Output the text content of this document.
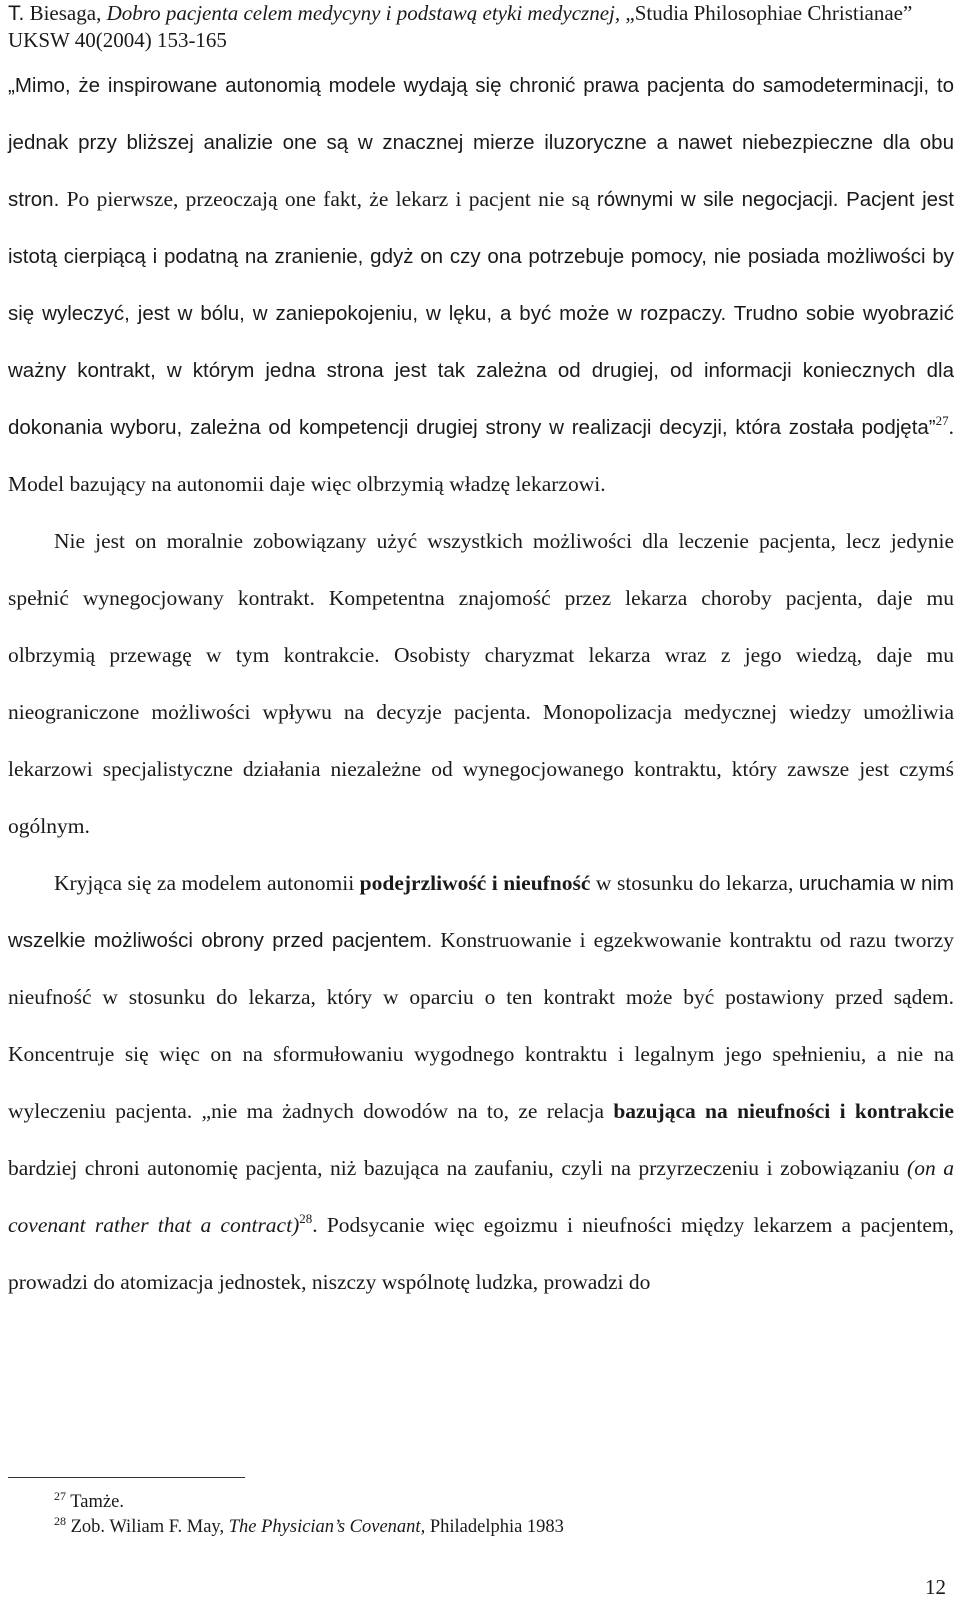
T. Biesaga, Dobro pacjenta celem medycyny i podstawą etyki medycznej, „Studia Philosophiae Christianae” UKSW 40(2004) 153-165

„Mimo, że inspirowane autonomią modele wydają się chronić prawa pacjenta do samodeterminacji, to jednak przy bliższej analizie one są w znacznej mierze iluzoryczne a nawet niebezpieczne dla obu stron. Po pierwsze, przeoczają one fakt, że lekarz i pacjent nie są równymi w sile negocjacji. Pacjent jest istotą cierpiącą i podatną na zranienie, gdyż on czy ona potrzebuje pomocy, nie posiada możliwości by się wyleczyć, jest w bólu, w zaniepokojeniu, w lęku, a być może w rozpaczy. Trudno sobie wyobrazić ważny kontrakt, w którym jedna strona jest tak zależna od drugiej, od informacji koniecznych dla dokonania wyboru, zależna od kompetencji drugiej strony w realizacji decyzji, która została podjęta”$^{27}$. Model bazujący na autonomii daje więc olbrzymią władzę lekarzowi.

Nie jest on moralnie zobowiązany użyć wszystkich możliwości dla leczenie pacjenta, lecz jedynie spełnić wynegocjowany kontrakt. Kompetentna znajomość przez lekarza choroby pacjenta, daje mu olbrzymią przewagę w tym kontrakcie. Osobisty charyzmat lekarza wraz z jego wiedzą, daje mu nieograniczone możliwości wpływu na decyzje pacjenta. Monopolizacja medycznej wiedzy umożliwia lekarzowi specjalistyczne działania niezależne od wynegocjowanego kontraktu, który zawsze jest czymś ogólnym.

Kryjąca się za modelem autonomii podejrzliwość i nieufność w stosunku do lekarza, uruchamia w nim wszelkie możliwości obrony przed pacjentem. Konstruowanie i egzekwowanie kontraktu od razu tworzy nieufność w stosunku do lekarza, który w oparciu o ten kontrakt może być postawiony przed sądem. Koncentruje się więc on na sformułowaniu wygodnego kontraktu i legalnym jego spełnieniu, a nie na wyleczeniu pacjenta. „nie ma żadnych dowodów na to, ze relacja bazująca na nieufności i kontrakcie bardziej chroni autonomię pacjenta, niż bazująca na zaufaniu, czyli na przyrzeczeniu i zobowiązaniu (on a covenant rather that a contract)$^{28}$. Podsycanie więc egoizmu i nieufności między lekarzem a pacjentem, prowadzi do atomizacja jednostek, niszczy wspólnotę ludzka, prowadzi do

$^{27}$ Tamże.
$^{28}$ Zob. Wiliam F. May, The Physician’s Covenant, Philadelphia 1983
12
